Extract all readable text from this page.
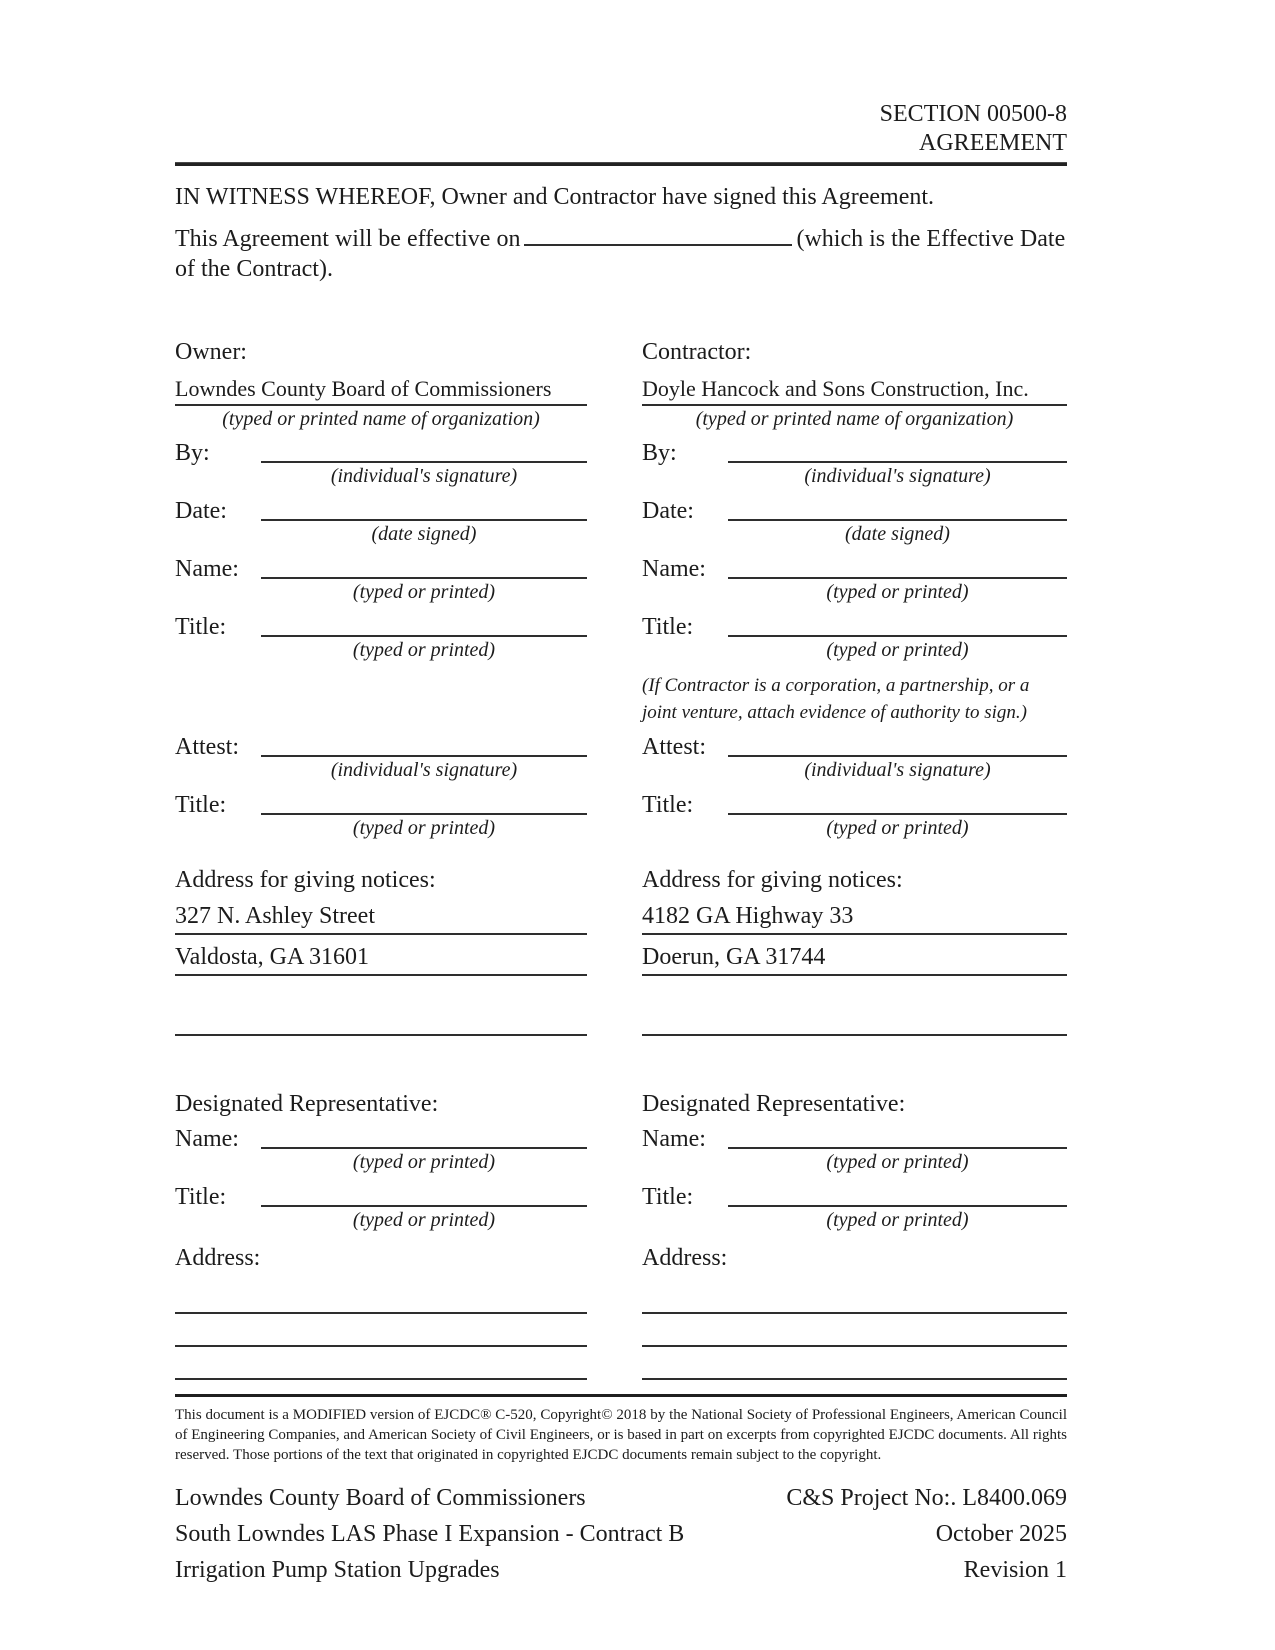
SECTION 00500-8
AGREEMENT

IN WITNESS WHEREOF, Owner and Contractor have signed this Agreement.

This Agreement will be effective on	(which is the Effective Date
of the Contract).

Owner:
Lowndes County Board of Commissioners
(typed or printed name of organization)
By:
(individual's signature)
Date:
(date signed)
Name:
(typed or printed)
Title:
(typed or printed)
Attest:
(individual's signature)
Title:
(typed or printed)
Address for giving notices:
327 N. Ashley Street
Valdosta, GA 31601
Designated Representative:
Name:
(typed or printed)
Title:
(typed or printed)
Address:
Contractor:
Doyle Hancock and Sons Construction, Inc.
(typed or printed name of organization)
By:
(individual's signature)
Date:
(date signed)
Name:
(typed or printed)
Title:
(typed or printed)
(If Contractor is a corporation, a partnership, or a
joint venture, attach evidence of authority to sign.)
Attest:
(individual's signature)
Title:
(typed or printed)
Address for giving notices:
4182 GA Highway 33
Doerun, GA 31744
Designated Representative:
Name:
(typed or printed)
Title:
(typed or printed)
Address:

This document is a MODIFIED version of EJCDC® C-520, Copyright© 2018 by the National Society of Professional Engineers, American Council of Engineering Companies, and American Society of Civil Engineers, or is based in part on excerpts from copyrighted EJCDC documents. All rights reserved. Those portions of the text that originated in copyrighted EJCDC documents remain subject to the copyright.

Lowndes County Board of Commissioners
South Lowndes LAS Phase I Expansion - Contract B
Irrigation Pump Station Upgrades
C&S Project No:. L8400.069
October 2025
Revision 1
